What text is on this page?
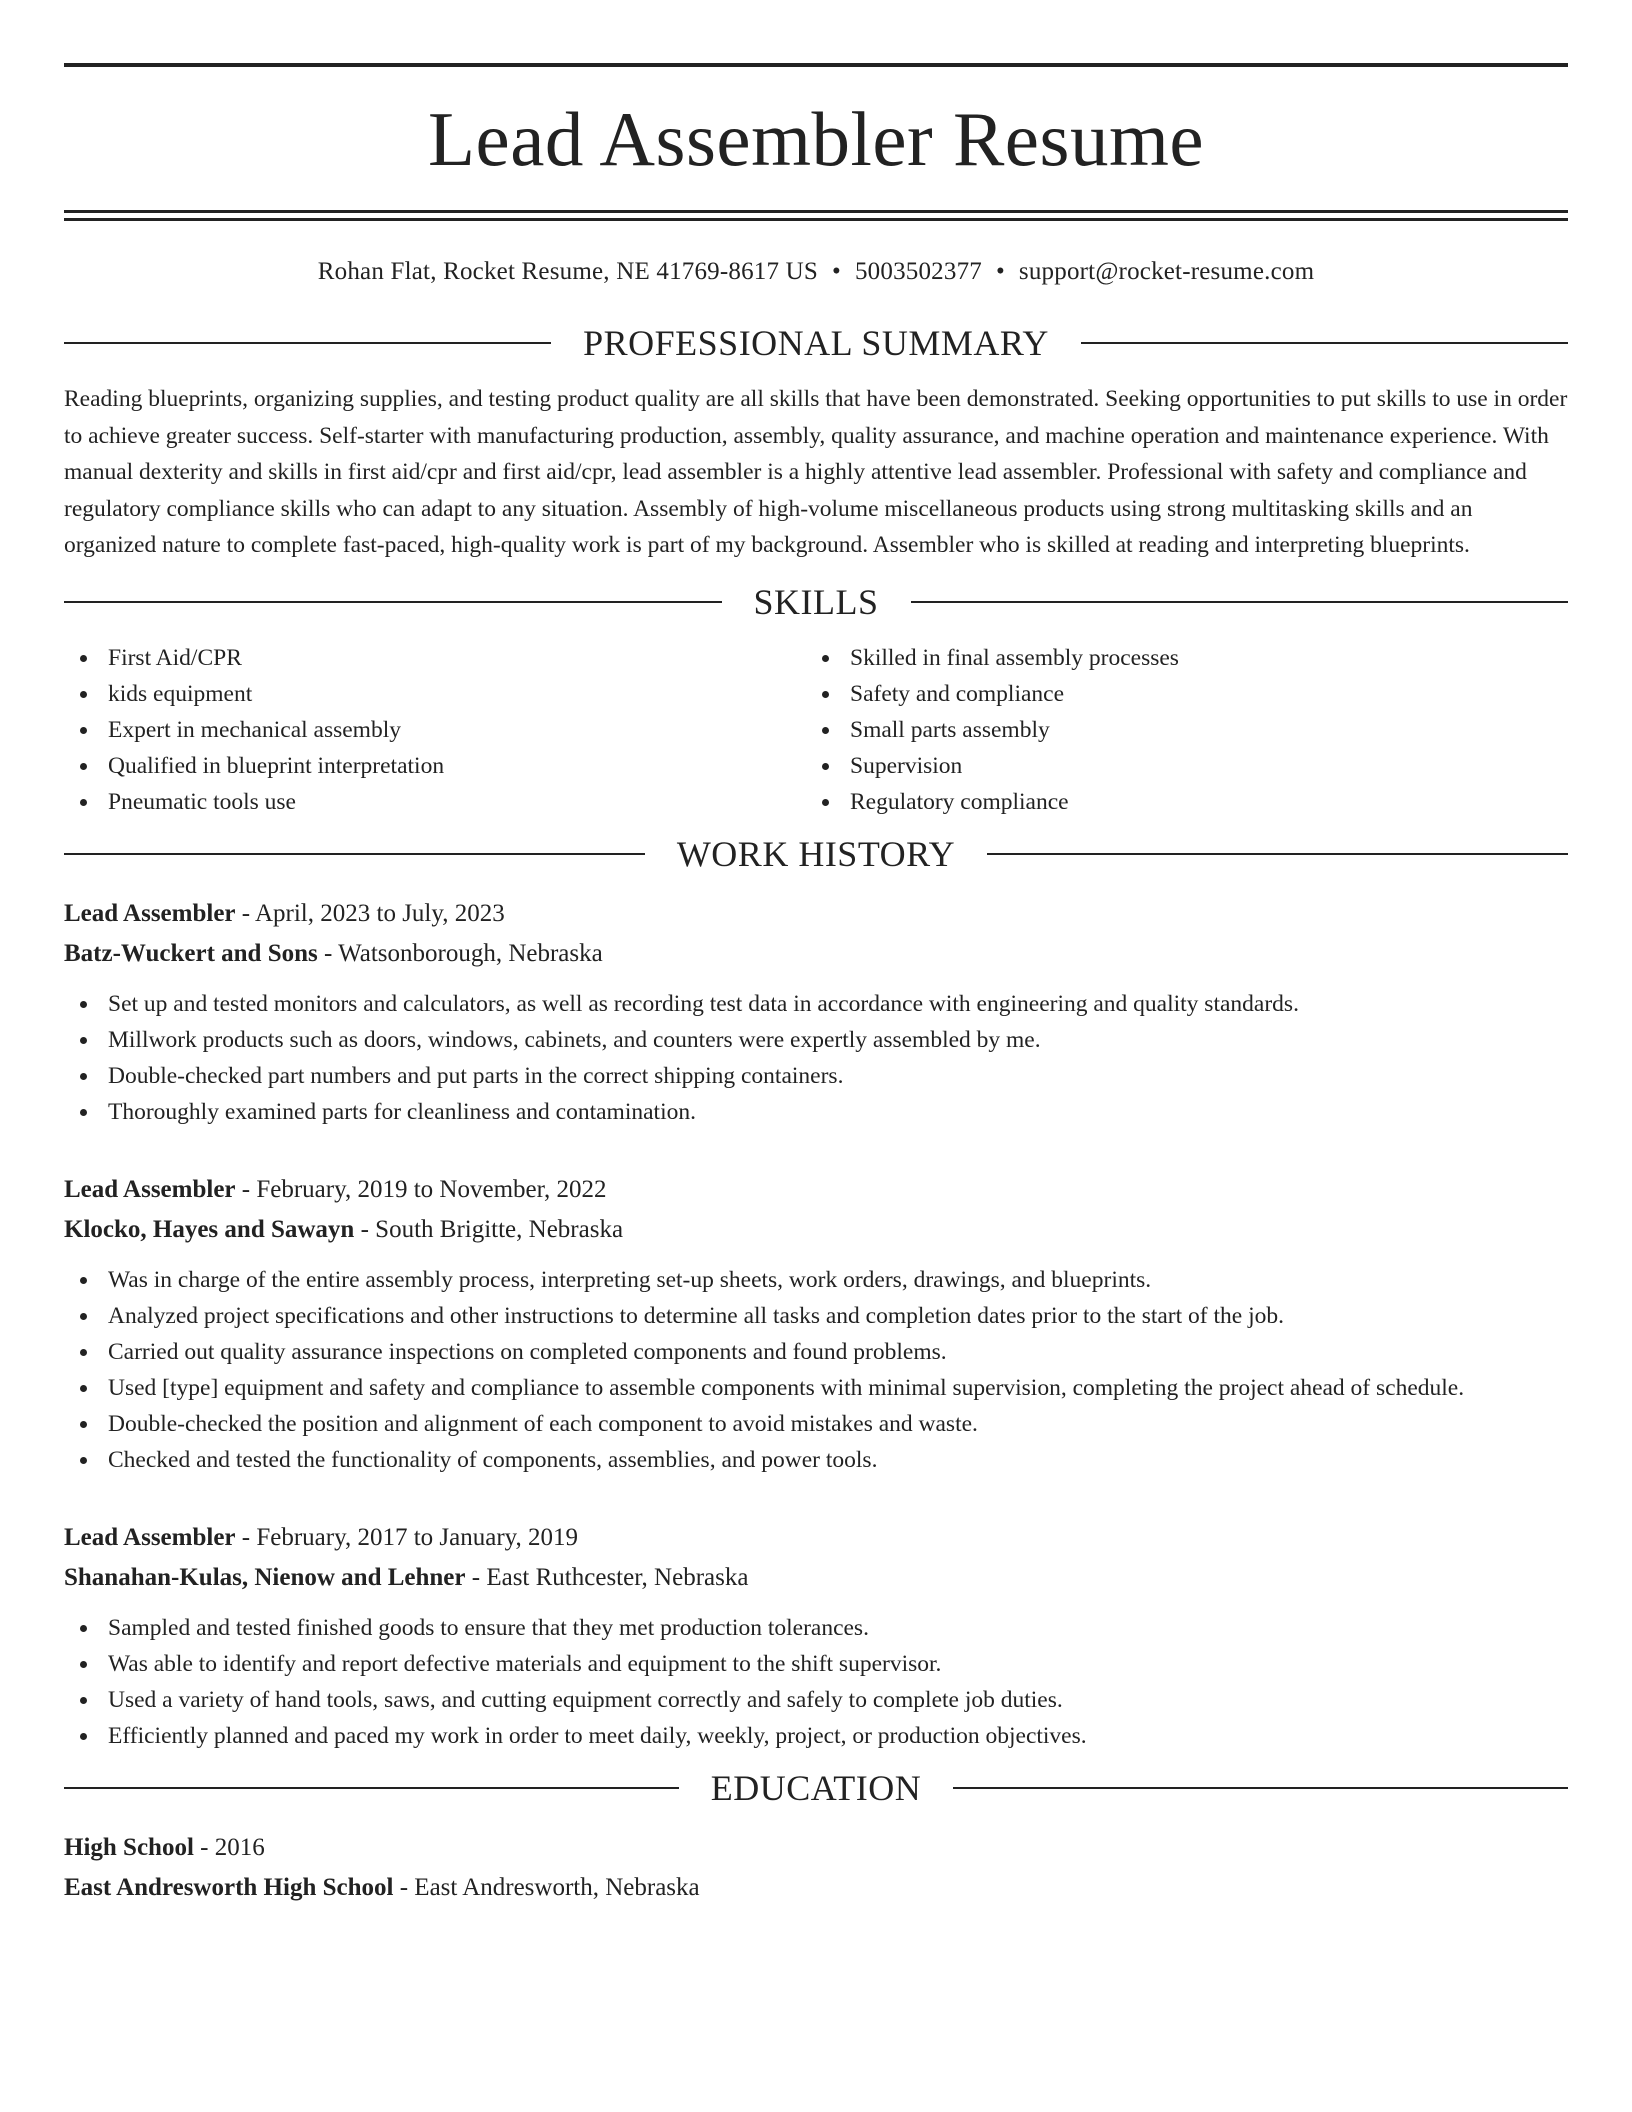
Lead Assembler Resume
Rohan Flat, Rocket Resume, NE 41769-8617 US • 5003502377 • support@rocket-resume.com
PROFESSIONAL SUMMARY

Reading blueprints, organizing supplies, and testing product quality are all skills that have been demonstrated. Seeking opportunities to put skills to use in order to achieve greater success. Self-starter with manufacturing production, assembly, quality assurance, and machine operation and maintenance experience. With manual dexterity and skills in first aid/cpr and first aid/cpr, lead assembler is a highly attentive lead assembler. Professional with safety and compliance and regulatory compliance skills who can adapt to any situation. Assembly of high-volume miscellaneous products using strong multitasking skills and an organized nature to complete fast-paced, high-quality work is part of my background. Assembler who is skilled at reading and interpreting blueprints.

SKILLS
First Aid/CPR
kids equipment
Expert in mechanical assembly
Qualified in blueprint interpretation
Pneumatic tools use
Skilled in final assembly processes
Safety and compliance
Small parts assembly
Supervision
Regulatory compliance
WORK HISTORY
Lead Assembler - April, 2023 to July, 2023
Batz-Wuckert and Sons - Watsonborough, Nebraska
Set up and tested monitors and calculators, as well as recording test data in accordance with engineering and quality standards.
Millwork products such as doors, windows, cabinets, and counters were expertly assembled by me.
Double-checked part numbers and put parts in the correct shipping containers.
Thoroughly examined parts for cleanliness and contamination.
Lead Assembler - February, 2019 to November, 2022
Klocko, Hayes and Sawayn - South Brigitte, Nebraska
Was in charge of the entire assembly process, interpreting set-up sheets, work orders, drawings, and blueprints.
Analyzed project specifications and other instructions to determine all tasks and completion dates prior to the start of the job.
Carried out quality assurance inspections on completed components and found problems.
Used [type] equipment and safety and compliance to assemble components with minimal supervision, completing the project ahead of schedule.
Double-checked the position and alignment of each component to avoid mistakes and waste.
Checked and tested the functionality of components, assemblies, and power tools.
Lead Assembler - February, 2017 to January, 2019
Shanahan-Kulas, Nienow and Lehner - East Ruthcester, Nebraska
Sampled and tested finished goods to ensure that they met production tolerances.
Was able to identify and report defective materials and equipment to the shift supervisor.
Used a variety of hand tools, saws, and cutting equipment correctly and safely to complete job duties.
Efficiently planned and paced my work in order to meet daily, weekly, project, or production objectives.
EDUCATION
High School - 2016
East Andresworth High School - East Andresworth, Nebraska
